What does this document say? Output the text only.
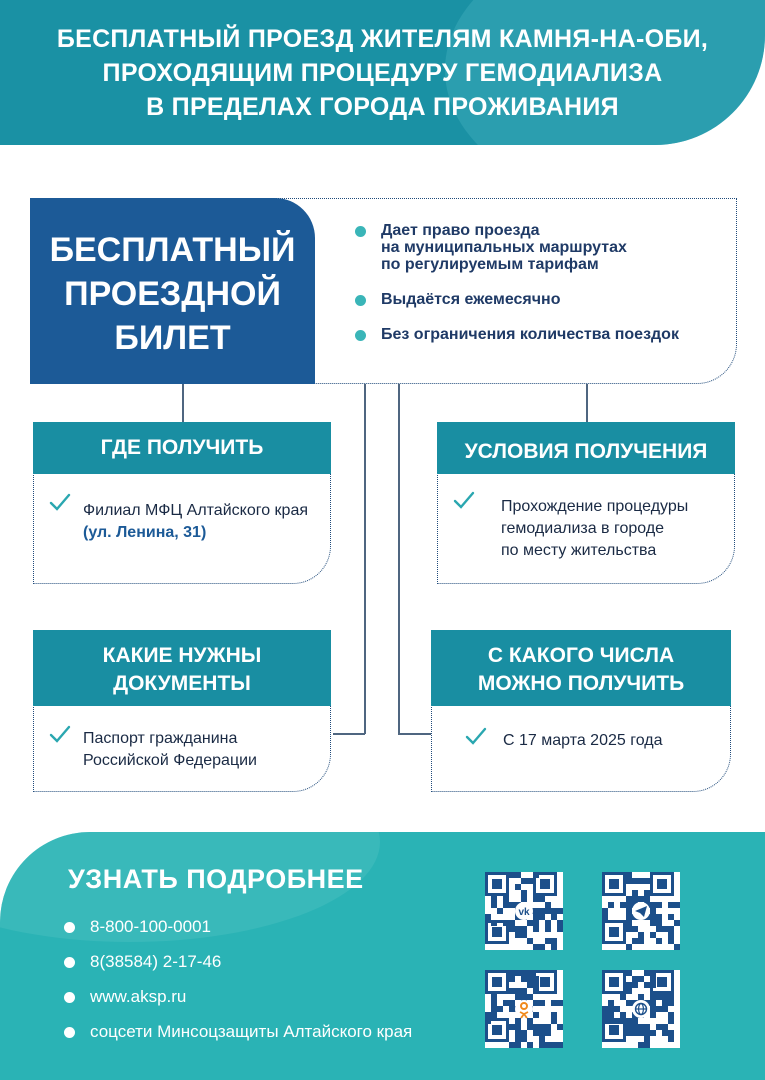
БЕСПЛАТНЫЙ ПРОЕЗД ЖИТЕЛЯМ КАМНЯ-НА-ОБИ,
ПРОХОДЯЩИМ ПРОЦЕДУРУ ГЕМОДИАЛИЗА
В ПРЕДЕЛАХ ГОРОДА ПРОЖИВАНИЯ
БЕСПЛАТНЫЙ
ПРОЕЗДНОЙ
БИЛЕТ
Дает право проезда
на муниципальных маршрутах
по регулируемым тарифам
Выдаётся ежемесячно
Без ограничения количества поездок
ГДЕ ПОЛУЧИТЬ
Филиал МФЦ Алтайского края
(ул. Ленина, 31)
УСЛОВИЯ ПОЛУЧЕНИЯ
Прохождение процедуры
гемодиализа в городе
по месту жительства
КАКИЕ НУЖНЫ
ДОКУМЕНТЫ
Паспорт гражданина
Российской Федерации
С КАКОГО ЧИСЛА
МОЖНО ПОЛУЧИТЬ
С 17 марта 2025 года
УЗНАТЬ ПОДРОБНЕЕ
8-800-100-0001
8(38584) 2-17-46
www.aksp.ru
соцсети Минсоцзащиты Алтайского края
vk
